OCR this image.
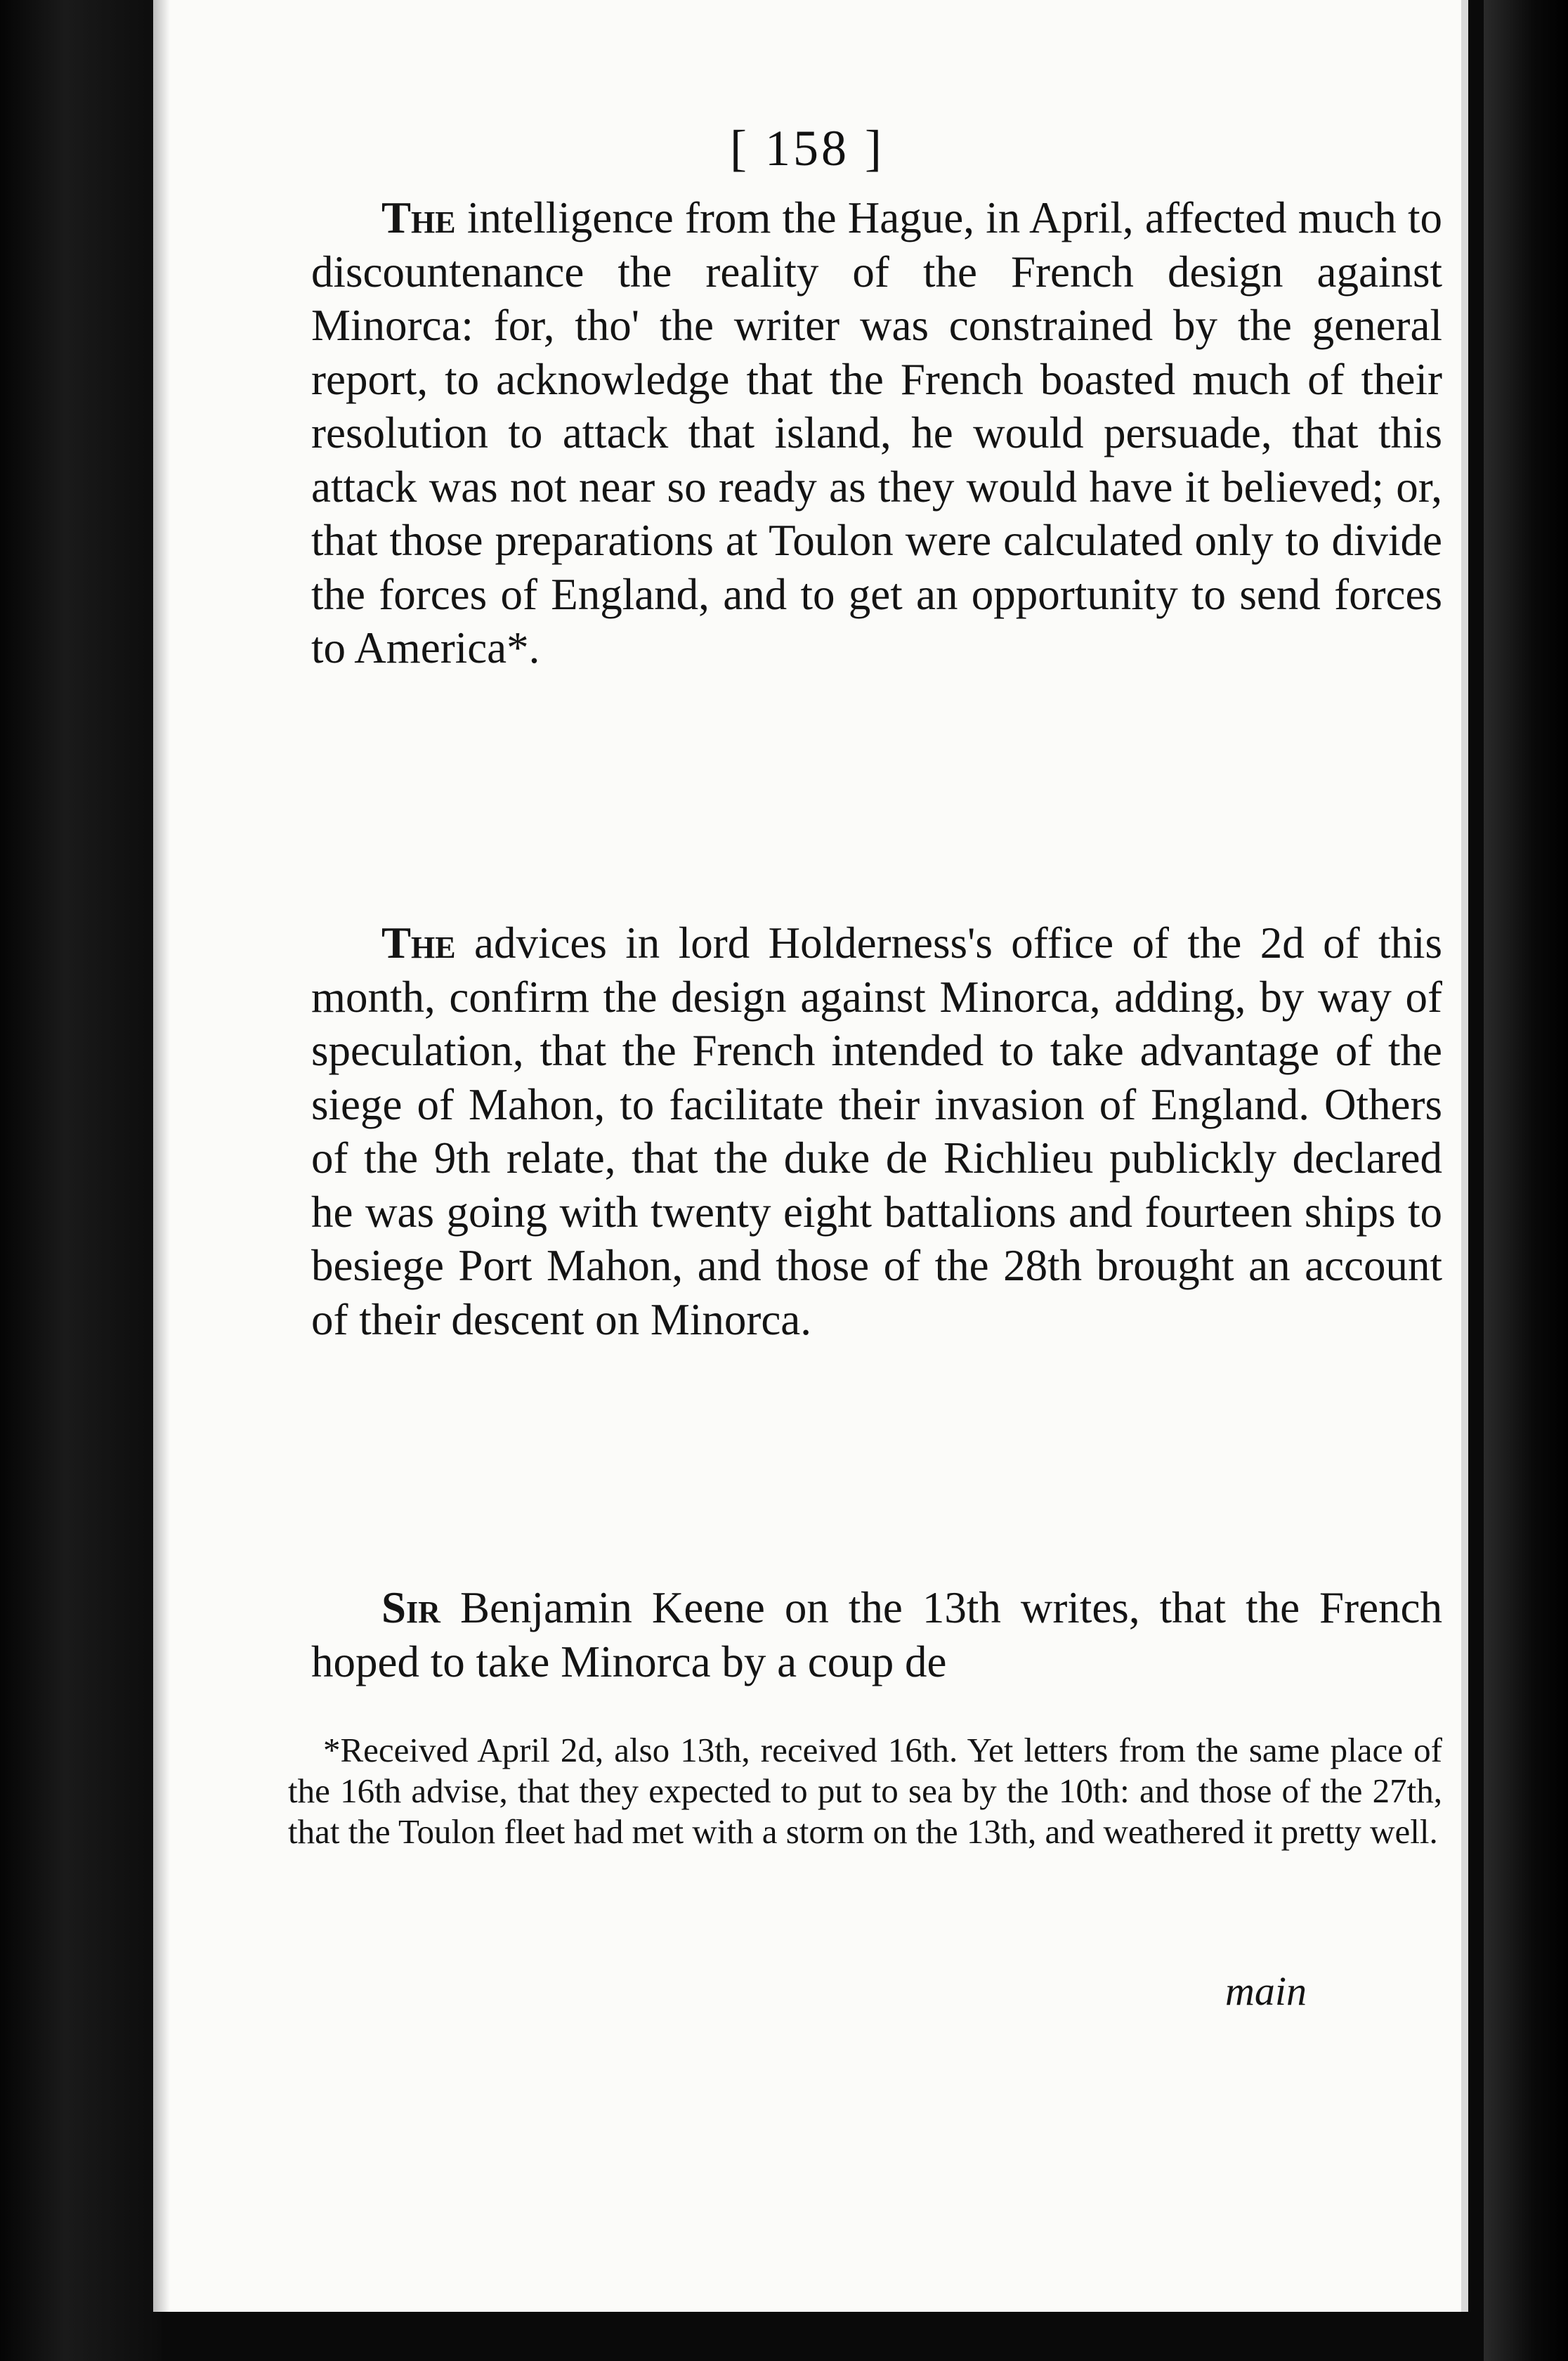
[ 158 ]

The intelligence from the Hague, in April, affected much to discountenance the reality of the French design against Minorca: for, tho' the writer was constrained by the general report, to acknowledge that the French boasted much of their resolution to attack that island, he would persuade, that this attack was not near so ready as they would have it believed; or, that those preparations at Toulon were calculated only to divide the forces of England, and to get an opportunity to send forces to America*.

The advices in lord Holderness's office of the 2d of this month, confirm the design against Minorca, adding, by way of speculation, that the French intended to take advantage of the siege of Mahon, to facilitate their invasion of England. Others of the 9th relate, that the duke de Richlieu publickly declared he was going with twenty eight battalions and fourteen ships to besiege Port Mahon, and those of the 28th brought an account of their descent on Minorca.

Sir Benjamin Keene on the 13th writes, that the French hoped to take Minorca by a coup de

*Received April 2d, also 13th, received 16th. Yet letters from the same place of the 16th advise, that they expected to put to sea by the 10th: and those of the 27th, that the Toulon fleet had met with a storm on the 13th, and weathered it pretty well.

main
